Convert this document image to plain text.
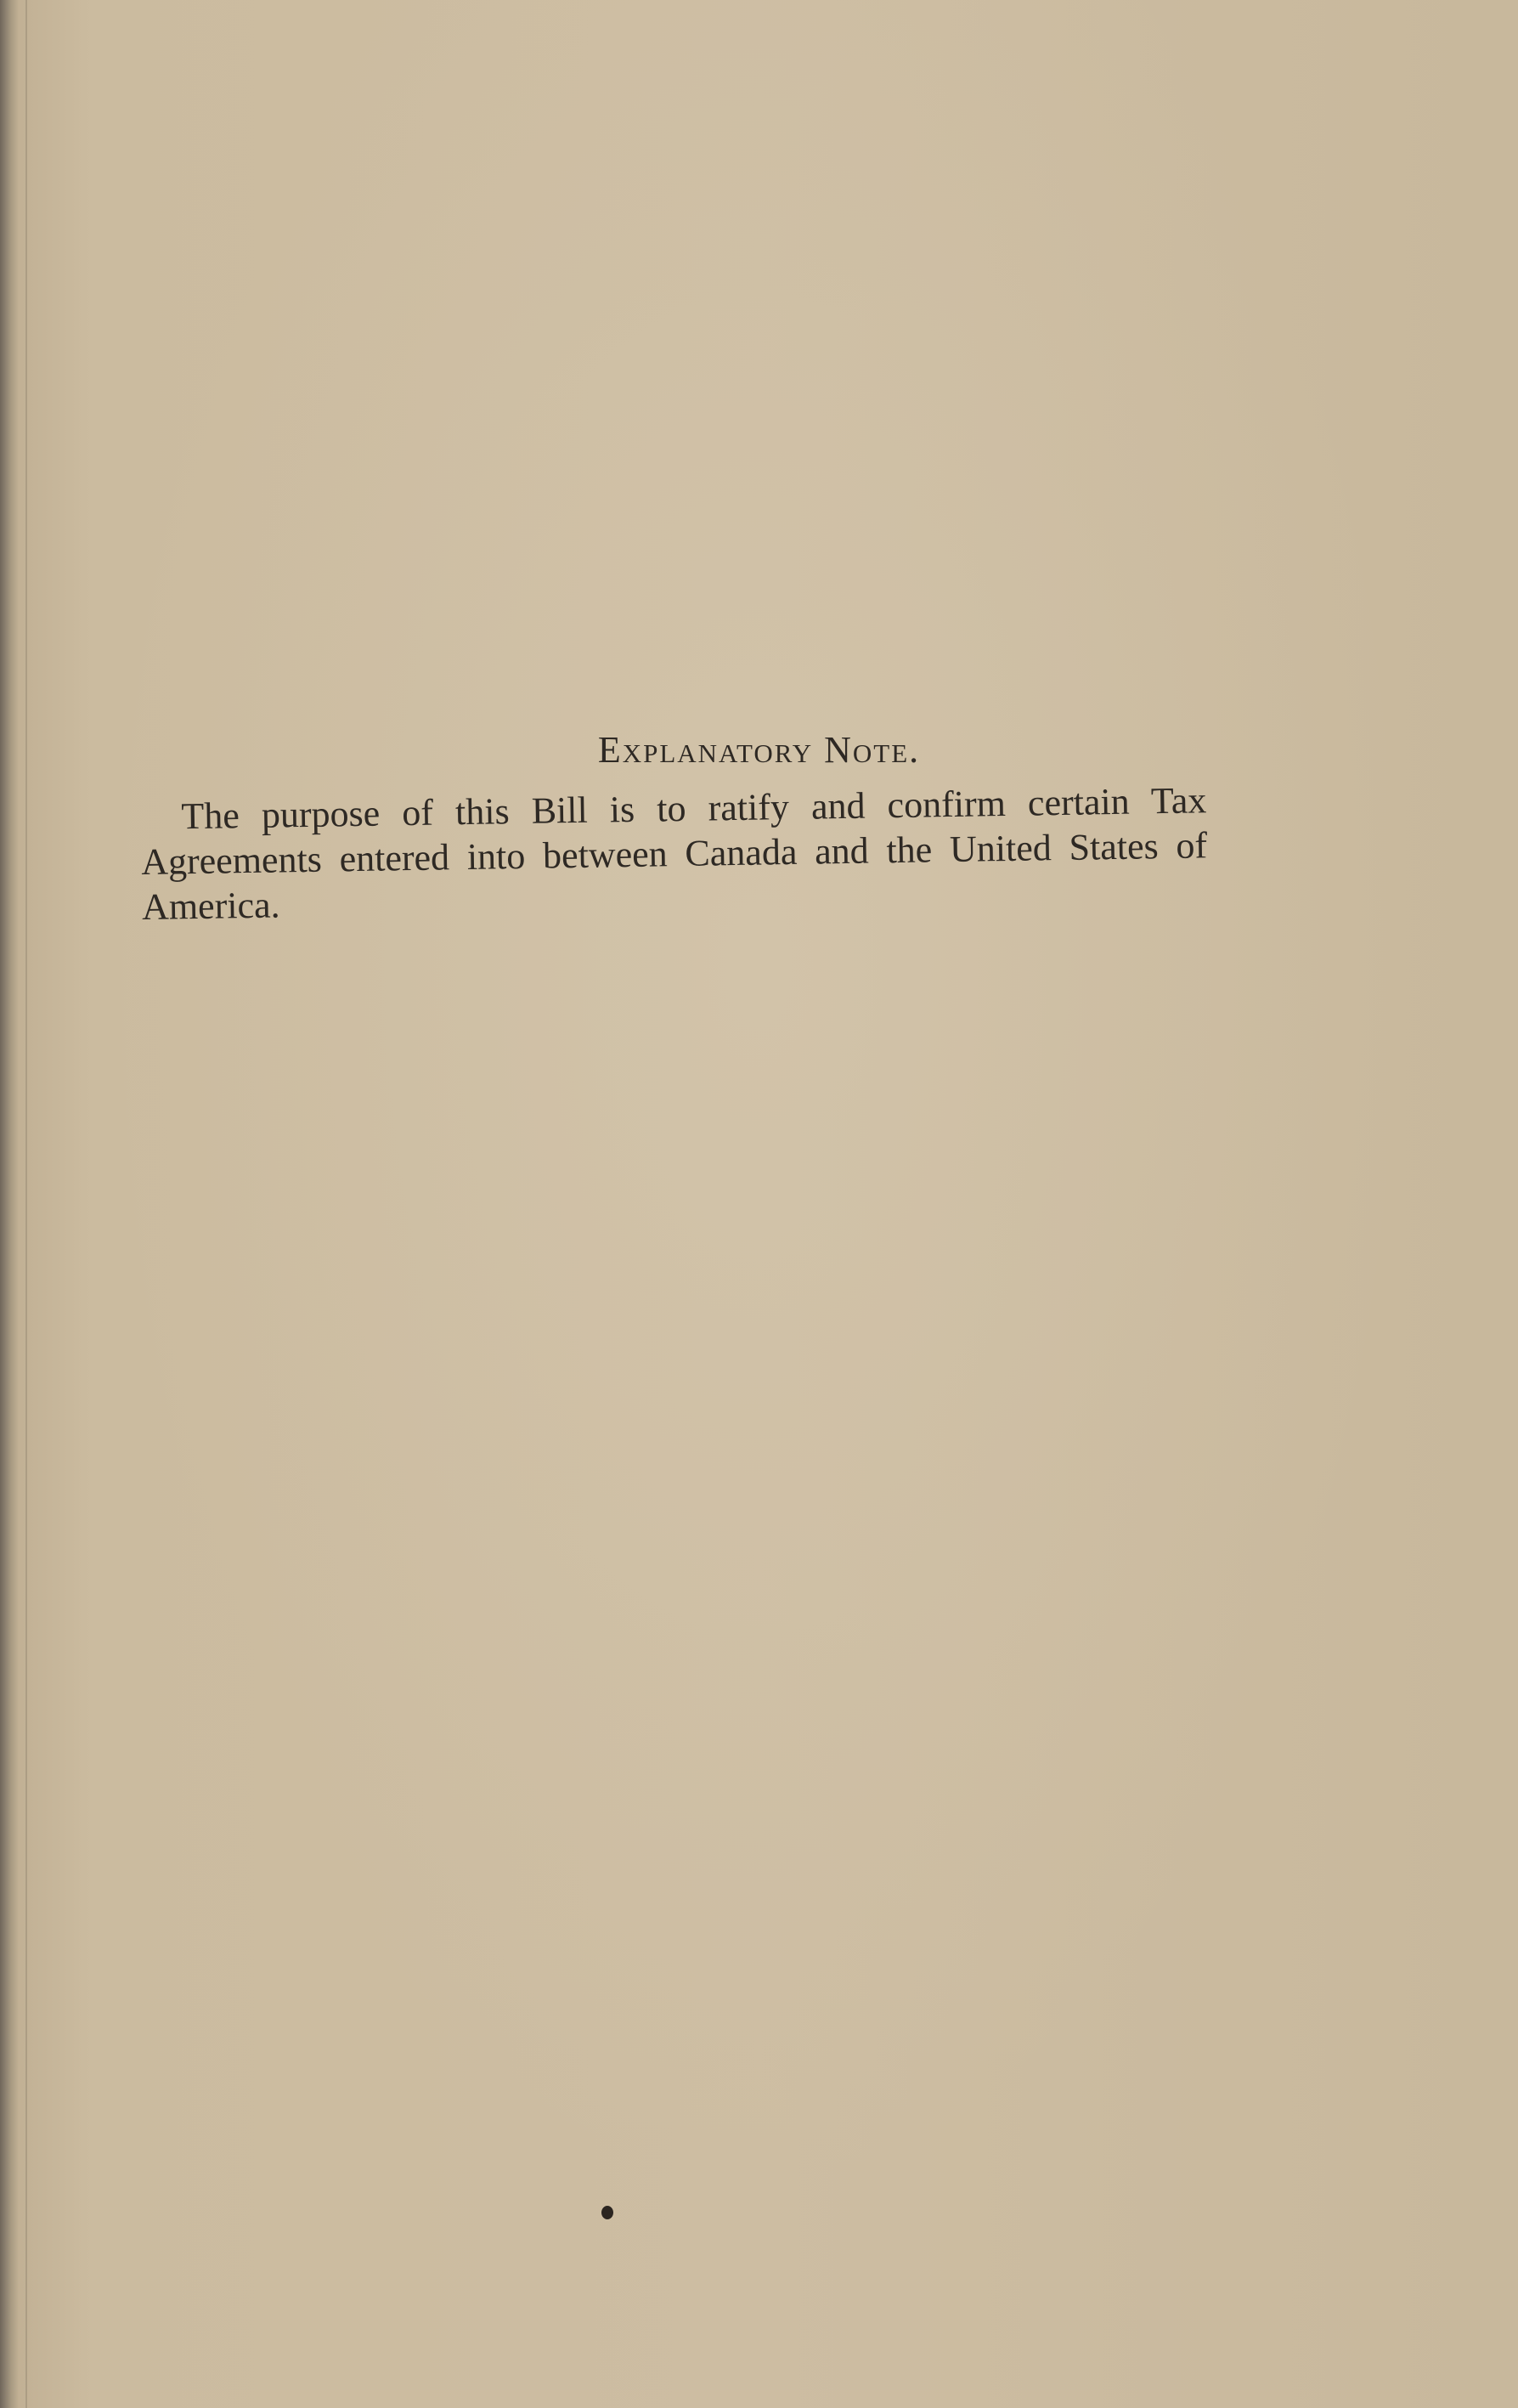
Explanatory Note.

The purpose of this Bill is to ratify and confirm certain Tax Agreements entered into between Canada and the United States of America.
